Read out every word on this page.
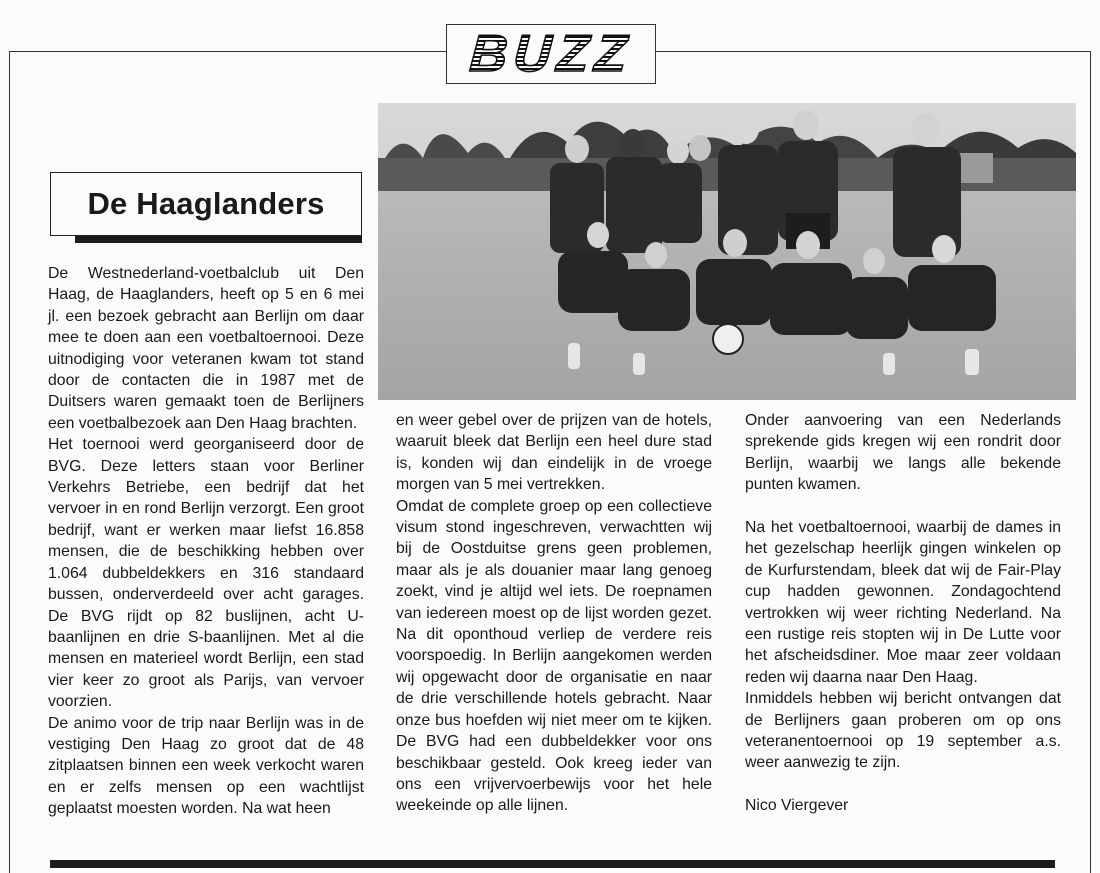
BUZZ
De Haaglanders

De Westnederland-voetbalclub uit Den Haag, de Haaglanders, heeft op 5 en 6 mei jl. een bezoek gebracht aan Berlijn om daar mee te doen aan een voetbaltoernooi. Deze uitnodiging voor veteranen kwam tot stand door de contacten die in 1987 met de Duitsers waren gemaakt toen de Berlijners een voetbalbezoek aan Den Haag brachten.

Het toernooi werd georganiseerd door de BVG. Deze letters staan voor Berliner Verkehrs Betriebe, een bedrijf dat het vervoer in en rond Berlijn verzorgt. Een groot bedrijf, want er werken maar liefst 16.858 mensen, die de beschikking hebben over 1.064 dubbeldekkers en 316 standaard bussen, onderverdeeld over acht garages. De BVG rijdt op 82 buslijnen, acht U-baanlijnen en drie S-baanlijnen. Met al die mensen en materieel wordt Berlijn, een stad vier keer zo groot als Parijs, van vervoer voorzien.

De animo voor de trip naar Berlijn was in de vestiging Den Haag zo groot dat de 48 zitplaatsen binnen een week verkocht waren en er zelfs mensen op een wachtlijst geplaatst moesten worden. Na wat heen

en weer gebel over de prijzen van de hotels, waaruit bleek dat Berlijn een heel dure stad is, konden wij dan eindelijk in de vroege morgen van 5 mei vertrekken.

Omdat de complete groep op een collectieve visum stond ingeschreven, verwachtten wij bij de Oostduitse grens geen problemen, maar als je als douanier maar lang genoeg zoekt, vind je altijd wel iets. De roepnamen van iedereen moest op de lijst worden gezet. Na dit oponthoud verliep de verdere reis voorspoedig. In Berlijn aangekomen werden wij opgewacht door de organisatie en naar de drie verschillende hotels gebracht. Naar onze bus hoefden wij niet meer om te kijken. De BVG had een dubbeldekker voor ons beschikbaar gesteld. Ook kreeg ieder van ons een vrijvervoerbewijs voor het hele weekeinde op alle lijnen.

Onder aanvoering van een Nederlands sprekende gids kregen wij een rondrit door Berlijn, waarbij we langs alle bekende punten kwamen.

Na het voetbaltoernooi, waarbij de dames in het gezelschap heerlijk gingen winkelen op de Kurfurstendam, bleek dat wij de Fair-Play cup hadden gewonnen. Zondagochtend vertrokken wij weer richting Nederland. Na een rustige reis stopten wij in De Lutte voor het afscheidsdiner. Moe maar zeer voldaan reden wij daarna naar Den Haag.

Inmiddels hebben wij bericht ontvangen dat de Berlijners gaan proberen om op ons veteranentoernooi op 19 september a.s. weer aanwezig te zijn.

Nico Viergever
